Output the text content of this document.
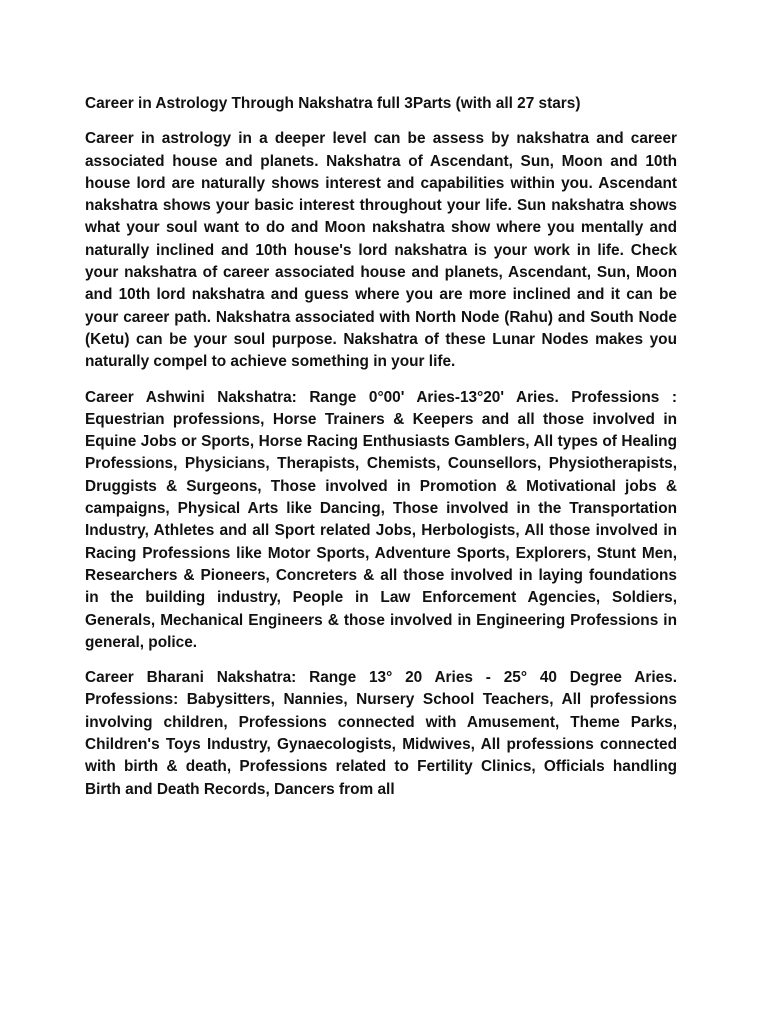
Career in Astrology Through Nakshatra full 3Parts (with all 27 stars)

Career in astrology in a deeper level can be assess by nakshatra and career associated house and planets. Nakshatra of Ascendant, Sun, Moon and 10th house lord are naturally shows interest and capabilities within you. Ascendant nakshatra shows your basic interest throughout your life. Sun nakshatra shows what your soul want to do and Moon nakshatra show where you mentally and naturally inclined and 10th house's lord nakshatra is your work in life. Check your nakshatra of career associated house and planets, Ascendant, Sun, Moon and 10th lord nakshatra and guess where you are more inclined and it can be your career path. Nakshatra associated with North Node (Rahu) and South Node (Ketu) can be your soul purpose. Nakshatra of these Lunar Nodes makes you naturally compel to achieve something in your life.

Career Ashwini Nakshatra: Range 0°00' Aries-13°20' Aries. Professions : Equestrian professions, Horse Trainers & Keepers and all those involved in Equine Jobs or Sports, Horse Racing Enthusiasts Gamblers, All types of Healing Professions, Physicians, Therapists, Chemists, Counsellors, Physiotherapists, Druggists & Surgeons, Those involved in Promotion & Motivational jobs & campaigns, Physical Arts like Dancing, Those involved in the Transportation Industry, Athletes and all Sport related Jobs, Herbologists, All those involved in Racing Professions like Motor Sports, Adventure Sports, Explorers, Stunt Men, Researchers & Pioneers, Concreters & all those involved in laying foundations in the building industry, People in Law Enforcement Agencies, Soldiers, Generals, Mechanical Engineers & those involved in Engineering Professions in general, police.

Career Bharani Nakshatra: Range 13° 20 Aries - 25° 40 Degree Aries. Professions: Babysitters, Nannies, Nursery School Teachers, All professions involving children, Professions connected with Amusement, Theme Parks, Children's Toys Industry, Gynaecologists, Midwives, All professions connected with birth & death, Professions related to Fertility Clinics, Officials handling Birth and Death Records, Dancers from all
